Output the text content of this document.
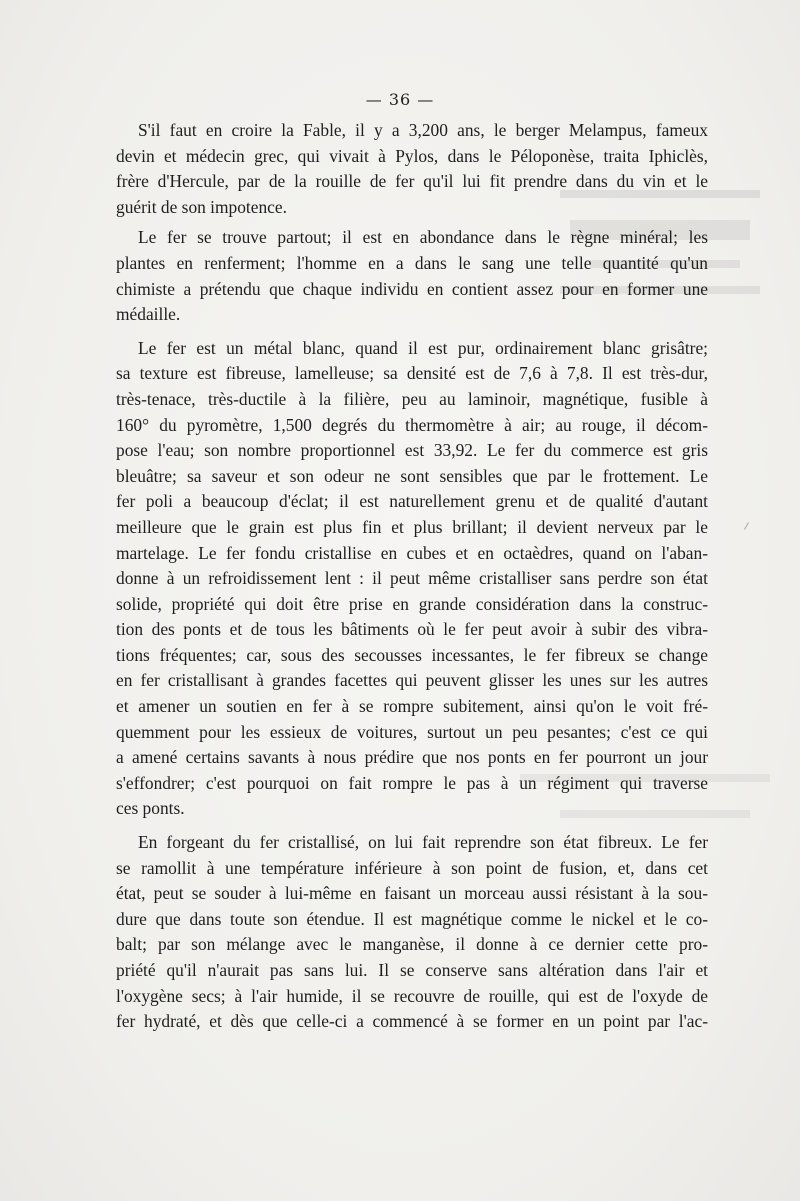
— 36 —

S'il faut en croire la Fable, il y a 3,200 ans, le berger Melampus, fameux
devin et médecin grec, qui vivait à Pylos, dans le Péloponèse, traita Iphiclès,
frère d'Hercule, par de la rouille de fer qu'il lui fit prendre dans du vin et le
guérit de son impotence.

Le fer se trouve partout; il est en abondance dans le règne minéral; les
plantes en renferment; l'homme en a dans le sang une telle quantité qu'un
chimiste a prétendu que chaque individu en contient assez pour en former une
médaille.

Le fer est un métal blanc, quand il est pur, ordinairement blanc grisâtre;
sa texture est fibreuse, lamelleuse; sa densité est de 7,6 à 7,8. Il est très-dur,
très-tenace, très-ductile à la filière, peu au laminoir, magnétique, fusible à
160° du pyromètre, 1,500 degrés du thermomètre à air; au rouge, il décom-
pose l'eau; son nombre proportionnel est 33,92. Le fer du commerce est gris
bleuâtre; sa saveur et son odeur ne sont sensibles que par le frottement. Le
fer poli a beaucoup d'éclat; il est naturellement grenu et de qualité d'autant
meilleure que le grain est plus fin et plus brillant; il devient nerveux par le
martelage. Le fer fondu cristallise en cubes et en octaèdres, quand on l'aban-
donne à un refroidissement lent : il peut même cristalliser sans perdre son état
solide, propriété qui doit être prise en grande considération dans la construc-
tion des ponts et de tous les bâtiments où le fer peut avoir à subir des vibra-
tions fréquentes; car, sous des secousses incessantes, le fer fibreux se change
en fer cristallisant à grandes facettes qui peuvent glisser les unes sur les autres
et amener un soutien en fer à se rompre subitement, ainsi qu'on le voit fré-
quemment pour les essieux de voitures, surtout un peu pesantes; c'est ce qui
a amené certains savants à nous prédire que nos ponts en fer pourront un jour
s'effondrer; c'est pourquoi on fait rompre le pas à un régiment qui traverse
ces ponts.

En forgeant du fer cristallisé, on lui fait reprendre son état fibreux. Le fer
se ramollit à une température inférieure à son point de fusion, et, dans cet
état, peut se souder à lui-même en faisant un morceau aussi résistant à la sou-
dure que dans toute son étendue. Il est magnétique comme le nickel et le co-
balt; par son mélange avec le manganèse, il donne à ce dernier cette pro-
priété qu'il n'aurait pas sans lui. Il se conserve sans altération dans l'air et
l'oxygène secs; à l'air humide, il se recouvre de rouille, qui est de l'oxyde de
fer hydraté, et dès que celle-ci a commencé à se former en un point par l'ac-
